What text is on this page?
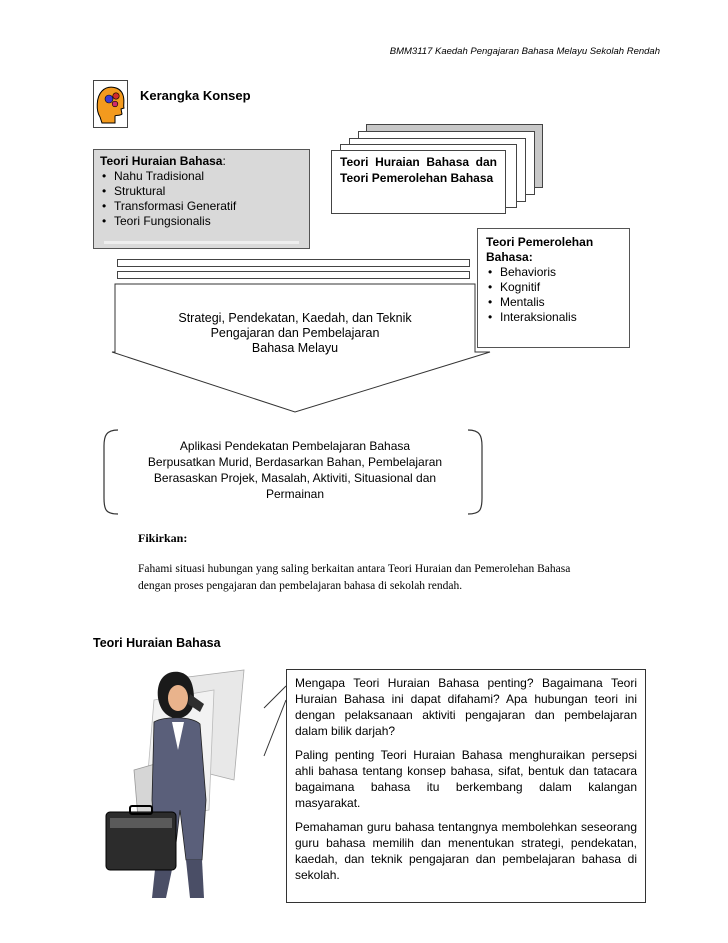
BMM3117 Kaedah Pengajaran Bahasa Melayu Sekolah Rendah
Kerangka Konsep
Teori Huraian Bahasa:
• Nahu Tradisional
• Struktural
• Transformasi Generatif
• Teori Fungsionalis
Teori Huraian Bahasa dan Teori Pemerolehan Bahasa
Teori Pemerolehan Bahasa:
• Behavioris
• Kognitif
• Mentalis
• Interaksionalis
Strategi, Pendekatan, Kaedah, dan Teknik
Pengajaran dan Pembelajaran
Bahasa Melayu
Aplikasi Pendekatan Pembelajaran Bahasa
Berpusatkan Murid, Berdasarkan Bahan, Pembelajaran
Berasaskan Projek, Masalah, Aktiviti, Situasional dan
Permainan
Fikirkan:
Fahami situasi hubungan yang saling berkaitan antara Teori Huraian dan Pemerolehan Bahasa
dengan proses pengajaran dan pembelajaran bahasa di sekolah rendah.
Teori Huraian Bahasa

Mengapa Teori Huraian Bahasa penting? Bagaimana Teori Huraian Bahasa ini dapat difahami? Apa hubungan teori ini dengan pelaksanaan aktiviti pengajaran dan pembelajaran dalam bilik darjah?

Paling penting Teori Huraian Bahasa menghuraikan persepsi ahli bahasa tentang konsep bahasa, sifat, bentuk dan tatacara bagaimana bahasa itu berkembang dalam kalangan masyarakat.

Pemahaman guru bahasa tentangnya membolehkan seseorang guru bahasa memilih dan menentukan strategi, pendekatan, kaedah, dan teknik pengajaran dan pembelajaran bahasa di sekolah.
